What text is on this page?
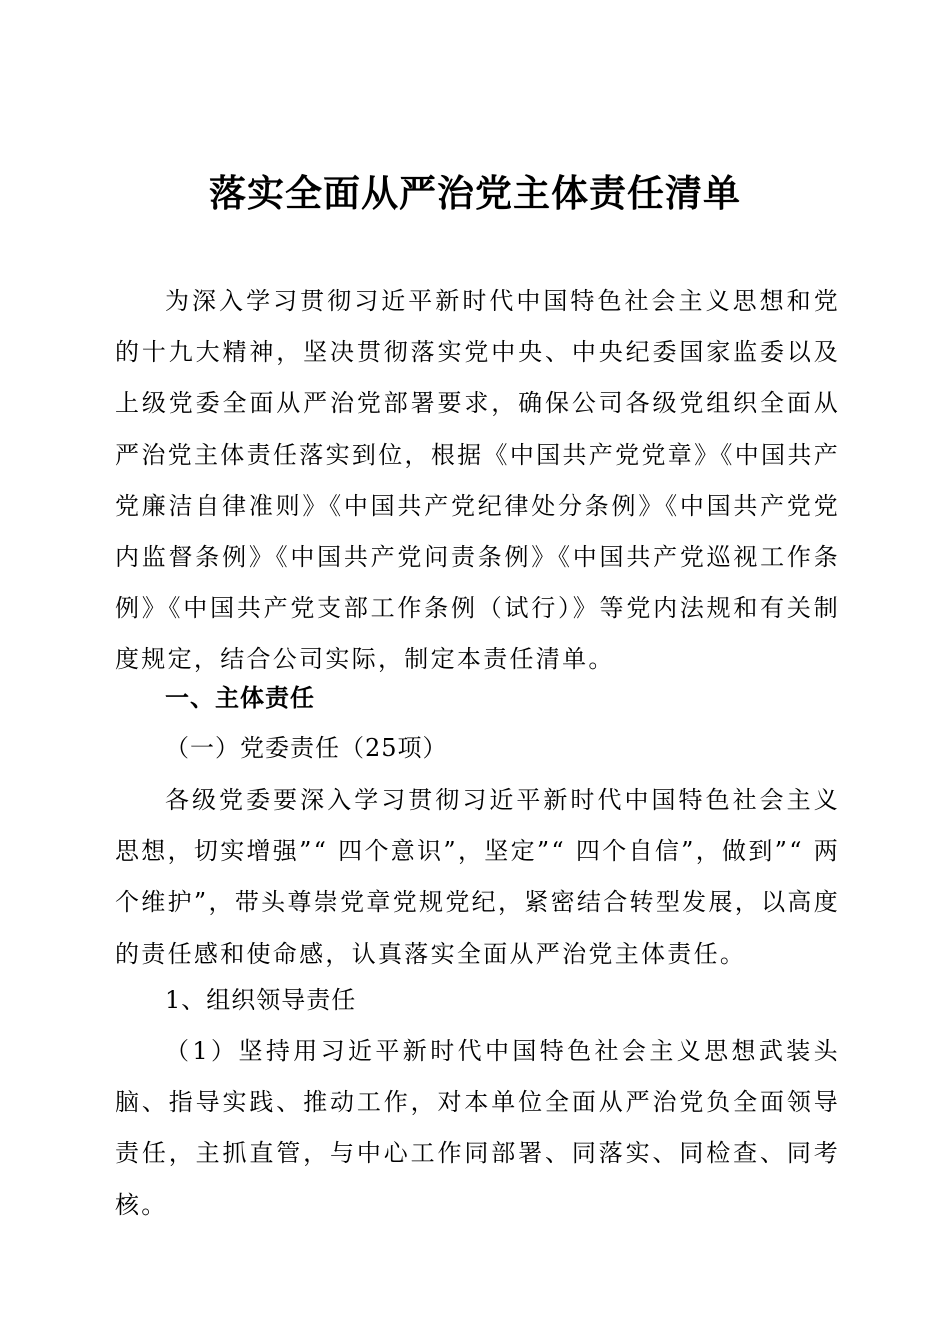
落实全面从严治党主体责任清单

为深入学习贯彻习近平新时代中国特色社会主义思想和党的十九大精神，坚决贯彻落实党中央、中央纪委国家监委以及上级党委全面从严治党部署要求，确保公司各级党组织全面从严治党主体责任落实到位，根据《中国共产党党章》《中国共产党廉洁自律准则》《中国共产党纪律处分条例》《中国共产党党内监督条例》《中国共产党问责条例》《中国共产党巡视工作条例》《中国共产党支部工作条例（试行）》等党内法规和有关制度规定，结合公司实际，制定本责任清单。

一、主体责任

（一）党委责任（25项）

各级党委要深入学习贯彻习近平新时代中国特色社会主义思想，切实增强”“ 四个意识”，坚定”“ 四个自信”，做到”“ 两个维护”，带头尊崇党章党规党纪，紧密结合转型发展，以高度的责任感和使命感，认真落实全面从严治党主体责任。

1、组织领导责任

（1）坚持用习近平新时代中国特色社会主义思想武装头脑、指导实践、推动工作，对本单位全面从严治党负全面领导责任，主抓直管，与中心工作同部署、同落实、同检查、同考核。
